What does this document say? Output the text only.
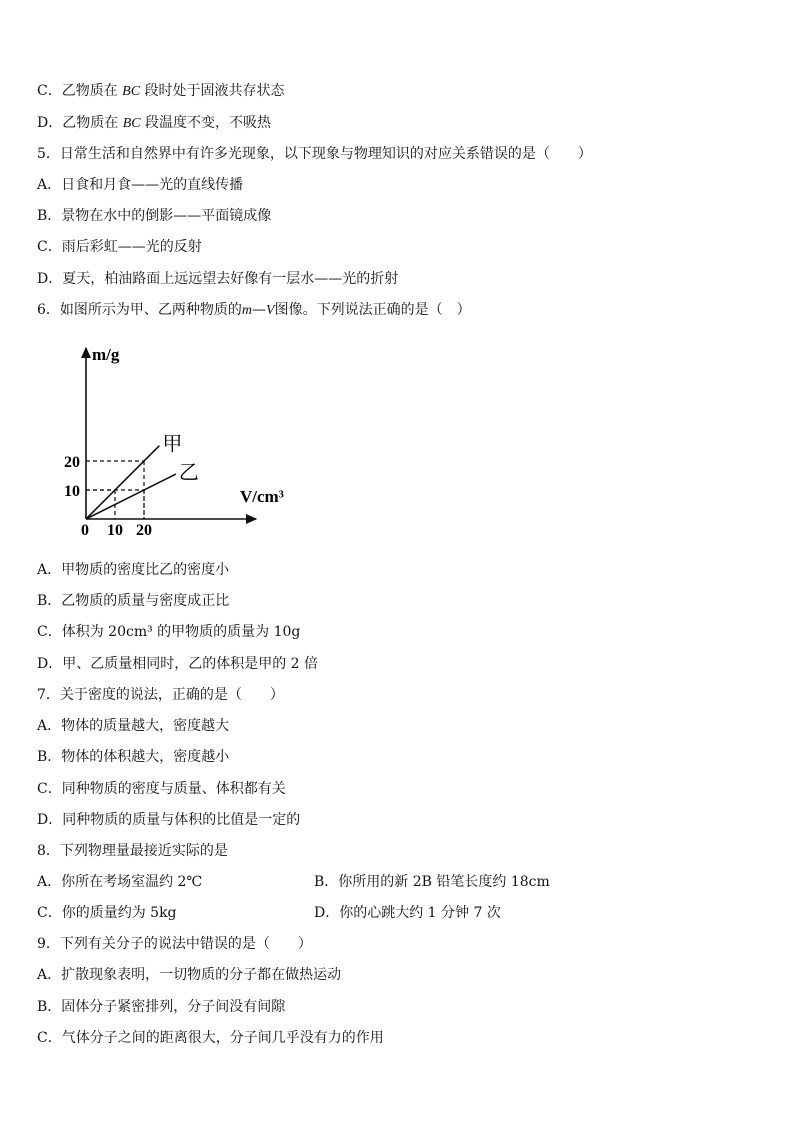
C．乙物质在 BC 段时处于固液共存状态
D．乙物质在 BC 段温度不变，不吸热
5．日常生活和自然界中有许多光现象，以下现象与物理知识的对应关系错误的是（　　）
A．日食和月食——光的直线传播
B．景物在水中的倒影——平面镜成像
C．雨后彩虹——光的反射
D．夏天，柏油路面上远远望去好像有一层水——光的折射
6．如图所示为甲、乙两种物质的m—V图像。下列说法正确的是（　）
m/g
V/cm³
0 10 20
10
20
甲
乙
A．甲物质的密度比乙的密度小
B．乙物质的质量与密度成正比
C．体积为 20cm³ 的甲物质的质量为 10g
D．甲、乙质量相同时，乙的体积是甲的 2 倍
7．关于密度的说法，正确的是（　　）
A．物体的质量越大，密度越大
B．物体的体积越大，密度越小
C．同种物质的密度与质量、体积都有关
D．同种物质的质量与体积的比值是一定的
8．下列物理量最接近实际的是
A．你所在考场室温约 2℃	B．你所用的新 2B 铅笔长度约 18cm
C．你的质量约为 5kg	D．你的心跳大约 1 分钟 7 次
9．下列有关分子的说法中错误的是（　　）
A．扩散现象表明，一切物质的分子都在做热运动
B．固体分子紧密排列，分子间没有间隙
C．气体分子之间的距离很大，分子间几乎没有力的作用
